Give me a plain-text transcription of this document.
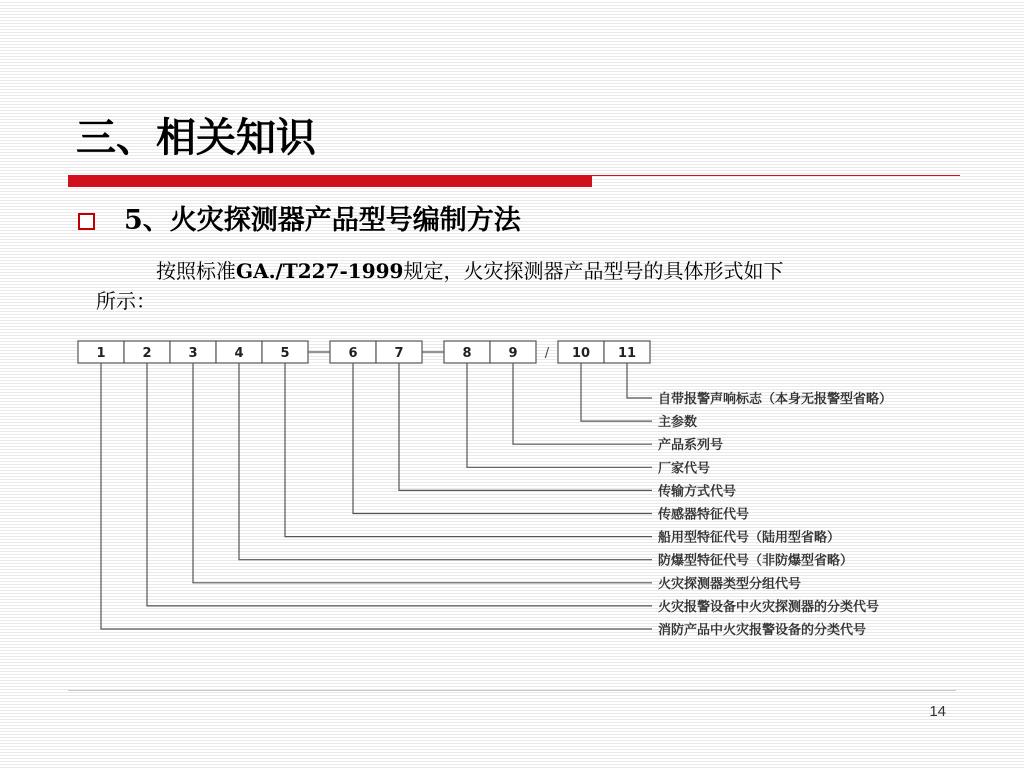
三、相关知识
5、火灾探测器产品型号编制方法
按照标准GA./T227-1999规定，火灾探测器产品型号的具体形式如下
所示：
1	2	3	4	5	6	7	8	9	10 11
/
自带报警声响标志（本身无报警型省略）
主参数
产品系列号
厂家代号
传输方式代号
传感器特征代号
船用型特征代号（陆用型省略）
防爆型特征代号（非防爆型省略）
火灾探测器类型分组代号
火灾报警设备中火灾探测器的分类代号
消防产品中火灾报警设备的分类代号
14
